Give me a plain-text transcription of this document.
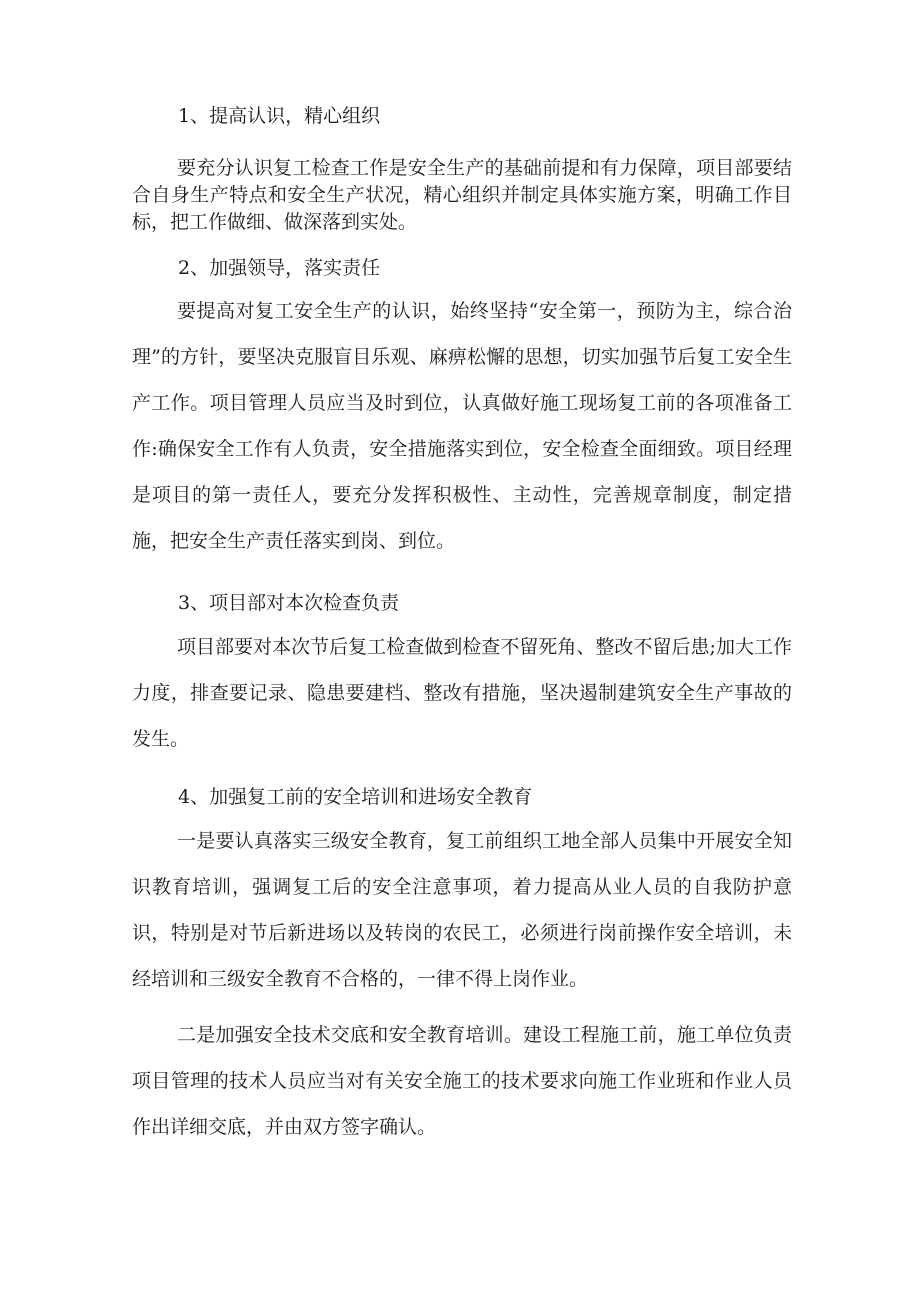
1、提高认识，精心组织
要充分认识复工检查工作是安全生产的基础前提和有力保障，项目部要结合自身生产特点和安全生产状况，精心组织并制定具体实施方案，明确工作目标，把工作做细、做深落到实处。
2、加强领导，落实责任
要提高对复工安全生产的认识，始终坚持“安全第一，预防为主，综合治理”的方针，要坚决克服盲目乐观、麻痹松懈的思想，切实加强节后复工安全生产工作。项目管理人员应当及时到位，认真做好施工现场复工前的各项准备工作:确保安全工作有人负责，安全措施落实到位，安全检查全面细致。项目经理是项目的第一责任人，要充分发挥积极性、主动性，完善规章制度，制定措施，把安全生产责任落实到岗、到位。
3、项目部对本次检查负责
项目部要对本次节后复工检查做到检查不留死角、整改不留后患;加大工作力度，排查要记录、隐患要建档、整改有措施，坚决遏制建筑安全生产事故的发生。
4、加强复工前的安全培训和进场安全教育
一是要认真落实三级安全教育，复工前组织工地全部人员集中开展安全知识教育培训，强调复工后的安全注意事项，着力提高从业人员的自我防护意识，特别是对节后新进场以及转岗的农民工，必须进行岗前操作安全培训，未经培训和三级安全教育不合格的，一律不得上岗作业。
二是加强安全技术交底和安全教育培训。建设工程施工前，施工单位负责项目管理的技术人员应当对有关安全施工的技术要求向施工作业班和作业人员作出详细交底，并由双方签字确认。
